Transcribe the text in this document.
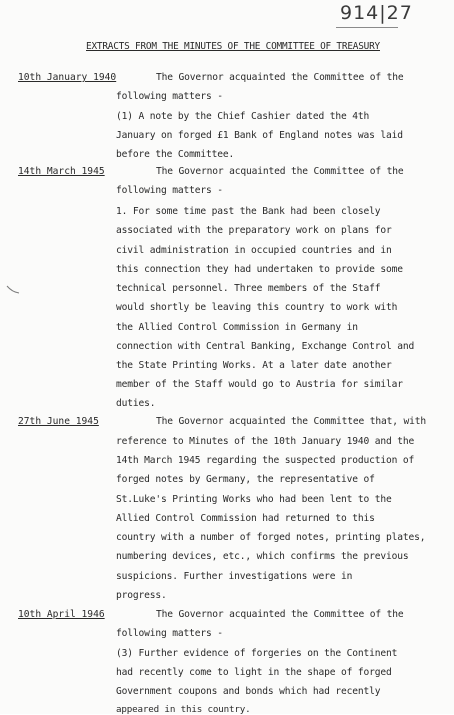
914|27
EXTRACTS FROM THE MINUTES OF THE COMMITTEE OF TREASURY
10th January 1940	The Governor acquainted the Committee of the
following matters -
(1) A note by the Chief Cashier dated the 4th
January on forged £1 Bank of England notes was laid
before the Committee.
14th March 1945	The Governor acquainted the Committee of the
following matters -
1. For some time past the Bank had been closely
associated with the preparatory work on plans for
civil administration in occupied countries and in
this connection they had undertaken to provide some
technical personnel. Three members of the Staff
would shortly be leaving this country to work with
the Allied Control Commission in Germany in
connection with Central Banking, Exchange Control and
the State Printing Works. At a later date another
member of the Staff would go to Austria for similar
duties.
27th June 1945	The Governor acquainted the Committee that, with
reference to Minutes of the 10th January 1940 and the
14th March 1945 regarding the suspected production of
forged notes by Germany, the representative of
St.Luke's Printing Works who had been lent to the
Allied Control Commission had returned to this
country with a number of forged notes, printing plates,
numbering devices, etc., which confirms the previous
suspicions. Further investigations were in
progress.
10th April 1946	The Governor acquainted the Committee of the
following matters -
(3) Further evidence of forgeries on the Continent
had recently come to light in the shape of forged
Government coupons and bonds which had recently
appeared in this country.
